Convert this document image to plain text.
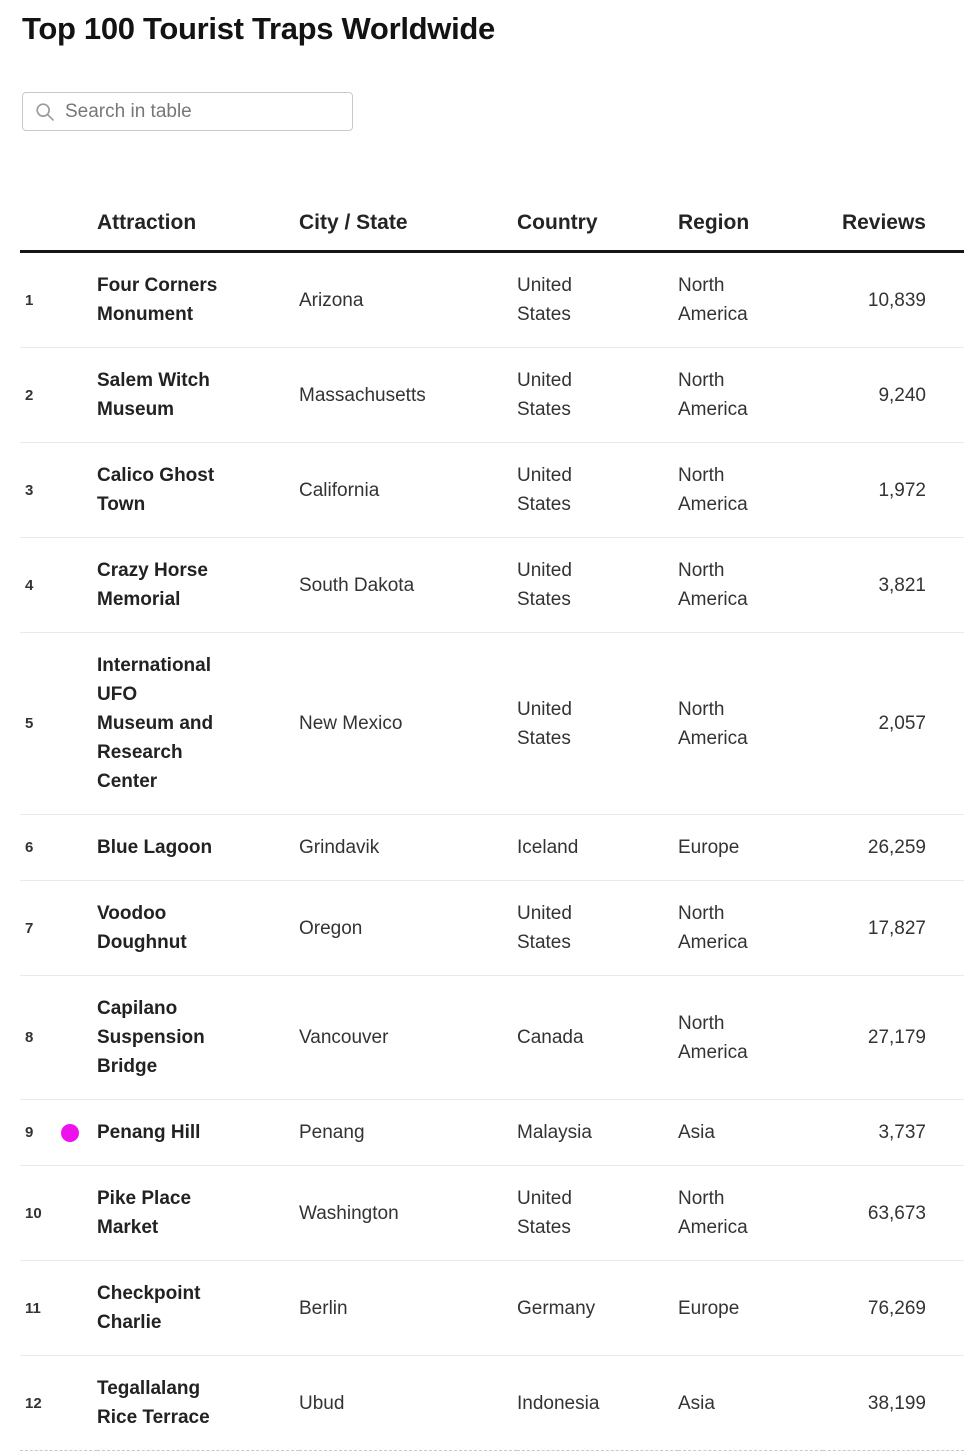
Top 100 Tourist Traps Worldwide
Search in table
	Attraction	City / State	Country	Region	Reviews
1	Four Corners Monument	Arizona	United States	North America	10,839
2	Salem Witch Museum	Massachusetts	United States	North America	9,240
3	Calico Ghost Town	California	United States	North America	1,972
4	Crazy Horse Memorial	South Dakota	United States	North America	3,821
5	International UFO Museum and Research Center	New Mexico	United States	North America	2,057
6	Blue Lagoon	Grindavik	Iceland	Europe	26,259
7	Voodoo Doughnut	Oregon	United States	North America	17,827
8	Capilano Suspension Bridge	Vancouver	Canada	North America	27,179
9	Penang Hill	Penang	Malaysia	Asia	3,737
10	Pike Place Market	Washington	United States	North America	63,673
11	Checkpoint Charlie	Berlin	Germany	Europe	76,269
12	Tegallalang Rice Terrace	Ubud	Indonesia	Asia	38,199
